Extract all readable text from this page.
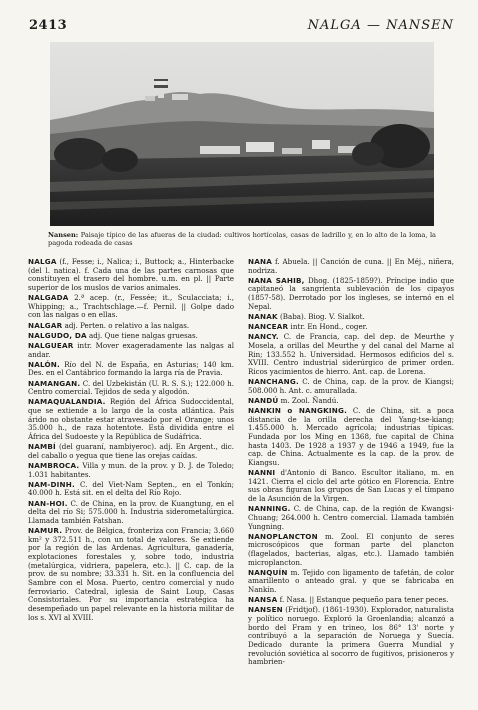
2413	NALGA — NANSEN
Nansen: Paisaje típico de las afueras de la ciudad: cultivos hortícolas, casas de ladrillo y, en lo alto de la loma, la pagoda rodeada de casas

NALGA (f., Fesse; i., Nalica; i., Buttock; a., Hinterbacke (del l. natica). f. Cada una de las partes carnosas que constituyen el trasero del hombre. u.m. en pl. || Parte superior de los muslos de varios animales.

NALGADA 2.ª acep. (r., Fessée; it., Sculacciata; i., Whipping; a., Trachtschlage.—f. Pernil. || Golpe dado con las nalgas o en ellas.

NALGAR adj. Perten. o relativo a las nalgas.

NALGUDO, DA adj. Que tiene nalgas gruesas.

NALGUEAR intr. Mover exageradamente las nalgas al andar.

NALÓN. Río del N. de España, en Asturias; 140 km. Des. en el Cantábrico formando la larga ría de Pravia.

NAMANGAN. C. del Uzbekistán (U. R. S. S.); 122.000 h. Centro comercial. Tejidos de seda y algodón.

NAMAQUALANDIA. Región del África Sudoccidental, que se extiende a lo largo de la costa atlántica. País árido no obstante estar atravesado por el Orange; unos 35.000 h., de raza hotentote. Está dividida entre el África del Sudoeste y la República de Sudáfrica.

NAMBÍ (del guaraní, nambiyeroc). adj. En Argent., dic. del caballo o yegua que tiene las orejas caídas.

NAMBROCA. Villa y mun. de la prov. y D. J. de Toledo; 1.031 habitantes.

NAM-DINH. C. del Viet-Nam Septen., en el Tonkín; 40.000 h. Está sit. en el delta del Río Rojo.

NAN-HOI. C. de China, en la prov. de Kuangtung, en el delta del río Si; 575.000 h. Industria siderometalúrgica. Llamada también Fatshan.

NAMUR. Prov. de Bélgica, fronteriza con Francia; 3.660 km² y 372.511 h., con un total de valores. Se extiende por la región de las Ardenas. Agricultura, ganadería, explotaciones forestales y, sobre todo, industria (metalúrgica, vidriera, papelera, etc.). || C. cap. de la prov. de su nombre; 33.331 h. Sit. en la confluencia del Sambre con el Mosa. Puerto, centro comercial y nudo ferroviario. Catedral, iglesia de Saint Loup, Casas Consistoriales. Por su importancia estratégica ha desempeñado un papel relevante en la historia militar de los s. XVI al XVIII.

NANA f. Abuela. || Canción de cuna. || En Méj., niñera, nodriza.

NANA SAHIB, Dhog. (1825-1859?). Príncipe indio que capitaneó la sangrienta sublevación de los cipayos (1857-58). Derrotado por los ingleses, se internó en el Nepal.

NANAK (Baba). Biog. V. Sialkot.

NANCEAR intr. En Hond., coger.

NANCY. C. de Francia, cap. del dep. de Meurthe y Mosela, a orillas del Meurthe y del canal del Marne al Rin; 133.552 h. Universidad. Hermosos edificios del s. XVIII. Centro industrial siderúrgico de primer orden. Ricos yacimientos de hierro. Ant. cap. de Lorena.

NANCHANG. C. de China, cap. de la prov. de Kiangsi; 508.000 h. Ant. c. amurallada.

NANDÚ m. Zool. Ñandú.

NANKIN o NANGKING. C. de China, sit. a poca distancia de la orilla derecha del Yang-tse-kiang; 1.455.000 h. Mercado agrícola; industrias típicas. Fundada por los Ming en 1368, fue capital de China hasta 1403. De 1928 a 1937 y de 1946 a 1949, fue la cap. de China. Actualmente es la cap. de la prov. de Kiangsu.

NANNI d'Antonio di Banco. Escultor italiano, m. en 1421. Cierra el ciclo del arte gótico en Florencia. Entre sus obras figuran los grupos de San Lucas y el tímpano de la Asunción de la Virgen.

NANNING. C. de China, cap. de la región de Kwangsi-Chuang; 264.000 h. Centro comercial. Llamada también Yungning.

NANOPLANCTON m. Zool. El conjunto de seres microscópicos que forman parte del plancton (flagelados, bacterias, algas, etc.). Llamado también microplancton.

NANQUÍN m. Tejido con ligamento de tafetán, de color amarillento o anteado gral. y que se fabricaba en Nankín.

NANSA f. Nasa. || Estanque pequeño para tener peces.

NANSEN (Fridtjof). (1861-1930). Explorador, naturalista y político noruego. Exploró la Groenlandia; alcanzó a bordo del Fram y en trineo, los 86° 13' norte y contribuyó a la separación de Noruega y Suecia. Dedicado durante la primera Guerra Mundial y revolución soviética al socorro de fugitivos, prisioneros y hambrien-
